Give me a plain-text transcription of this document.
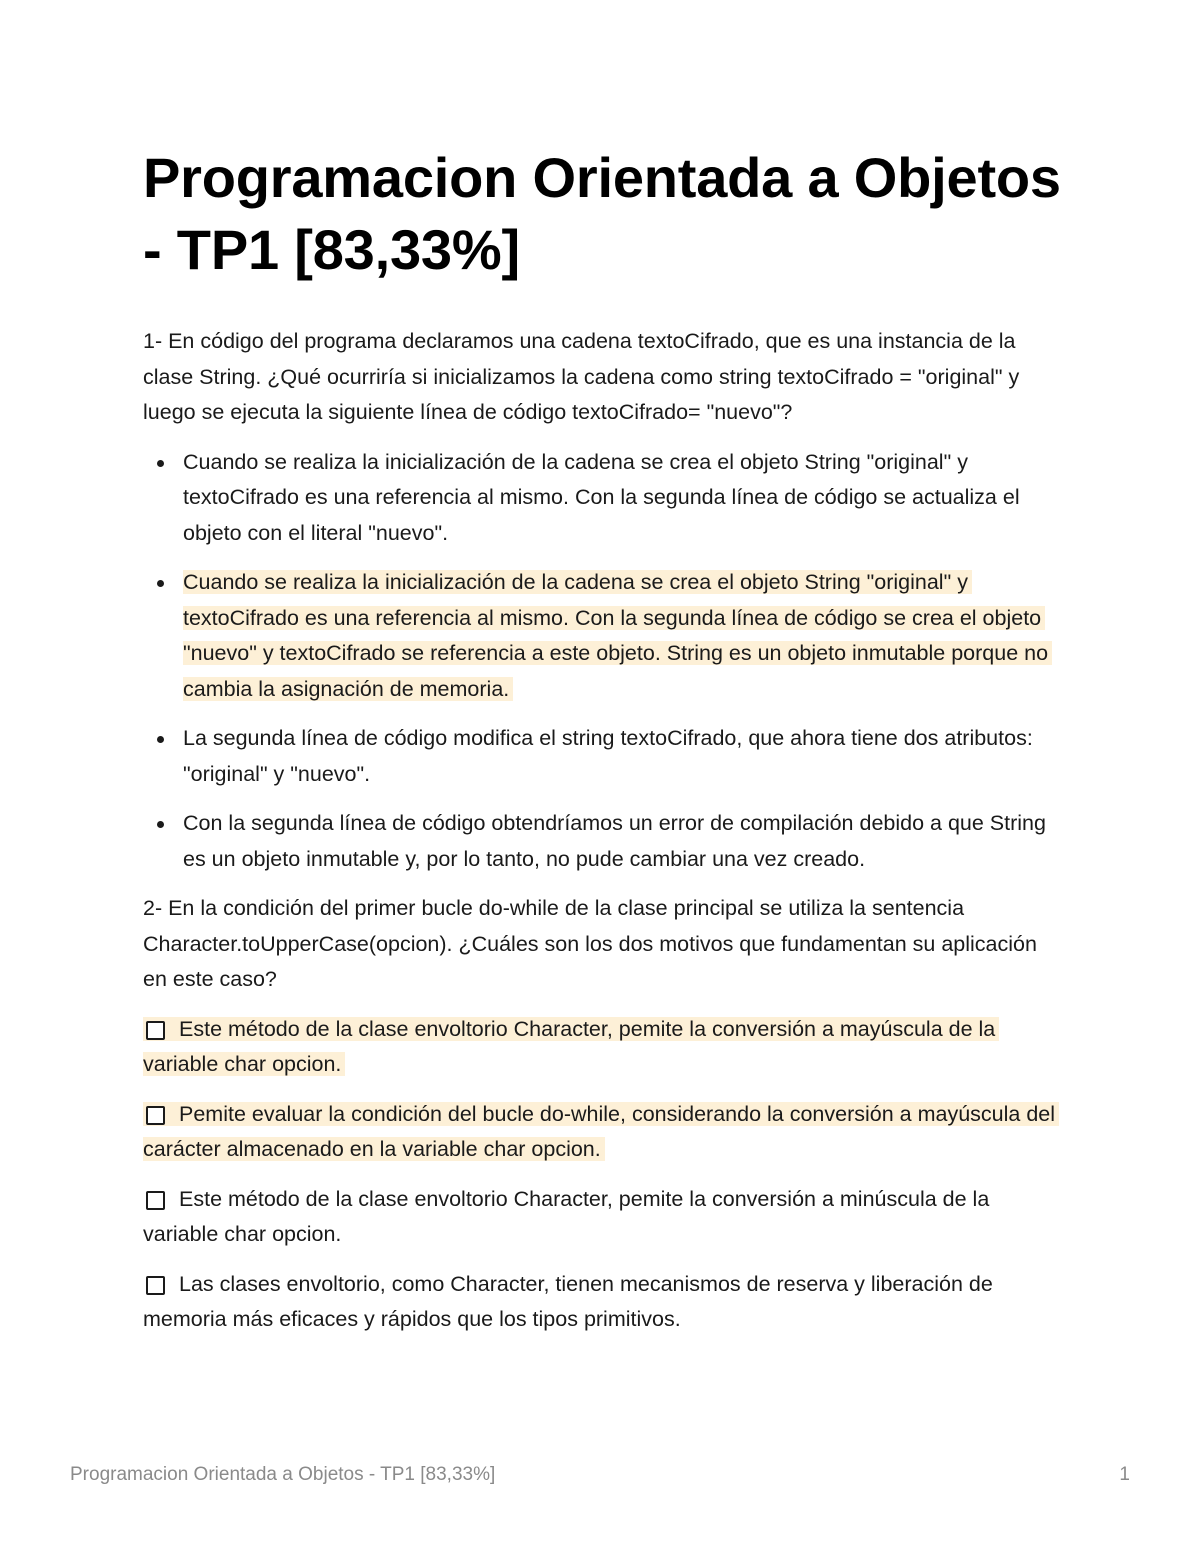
Programacion Orientada a Objetos - TP1 [83,33%]

1- En código del programa declaramos una cadena textoCifrado, que es una instancia de la clase String. ¿Qué ocurriría si inicializamos la cadena como string textoCifrado = "original" y luego se ejecuta la siguiente línea de código textoCifrado= "nuevo"?

Cuando se realiza la inicialización de la cadena se crea el objeto String "original" y textoCifrado es una referencia al mismo. Con la segunda línea de código se actualiza el objeto con el literal "nuevo".
Cuando se realiza la inicialización de la cadena se crea el objeto String "original" y textoCifrado es una referencia al mismo. Con la segunda línea de código se crea el objeto "nuevo" y textoCifrado se referencia a este objeto. String es un objeto inmutable porque no cambia la asignación de memoria.
La segunda línea de código modifica el string textoCifrado, que ahora tiene dos atributos: "original" y "nuevo".
Con la segunda línea de código obtendríamos un error de compilación debido a que String es un objeto inmutable y, por lo tanto, no pude cambiar una vez creado.

2- En la condición del primer bucle do-while de la clase principal se utiliza la sentencia Character.toUpperCase(opcion). ¿Cuáles son los dos motivos que fundamentan su aplicación en este caso?

Este método de la clase envoltorio Character, pemite la conversión a mayúscula de la variable char opcion.
Pemite evaluar la condición del bucle do-while, considerando la conversión a mayúscula del carácter almacenado en la variable char opcion.
Este método de la clase envoltorio Character, pemite la conversión a minúscula de la variable char opcion.
Las clases envoltorio, como Character, tienen mecanismos de reserva y liberación de memoria más eficaces y rápidos que los tipos primitivos.
Programacion Orientada a Objetos - TP1 [83,33%]	1
